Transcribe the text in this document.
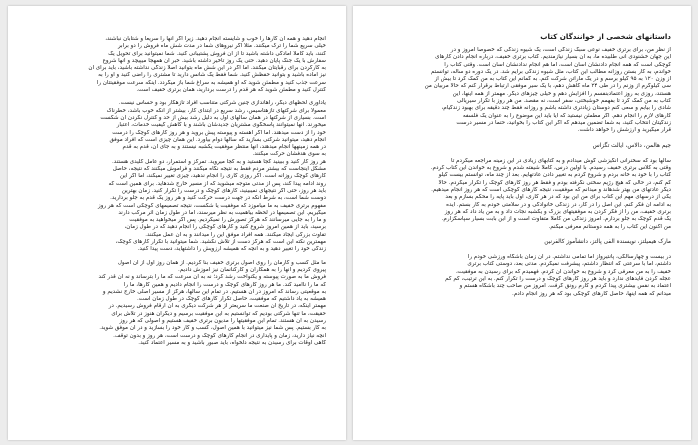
داستانهای شخصی از خوانندگان کتاب
از نظر من، برای برتری خفیف نوعی سبک زندگی است، یک شیوه زندگی که خصوصاً امروز و در
این جهان خشنودی آنی طلبیده ما، به آن بسیار نیازمندیم. کتاب برتری خفیف، درباره انجام دادن کارهای
کوچکی است که همه انجام دادنشان آسان است، اما هم انجام ندادنشان آسان است. وقتی کتاب را
خواندم، به کار بستن روزانه مطالب این کتاب، مثل شیوه زندگی برایم شد. در یک دوره دو ساله، توانستم
از وزن ۱۲۰ به ۹۵ کیلو برسم و در یک ماراتن شرکت کنم. به گمانم این کتاب به من کمک کرد تا بیش از
سی کیلوگرم از وزنم را در طی ۲۴ ماه کاهش دهم، با یک سیر موفقی ارتباط برقرار کنم که حالا مربیان من
هستند، روزی به روز اعتمادبنفسم را افزایش دهم و خیلی چیزهای دیگر. مهمتر از همه اینها، این
کتاب به من کمک کرد تا بفهمم خوشبختی، سفر است، نه مقصد. من هر روز با تکرار سیریالی
شادی را بیابم و سعی کنم دوستان زیادتری داشته باشم و روزانه فقط چند دقیقه برای بهبود زندگیام،
کارهای لازم را انجام دهم. اگر مطمئن نیستید که آیا باید این موضوع را به عنوان یک فلسفه
زندگیتان انتخاب کنید، به شما تضمین میدهم که اگر این کتاب را بخوانید، حتماً در مسیر درست
قرار میگیرید و ارزشش را خواهد داشت.
جیم هالمن، دالاس، ایالت تگزاس
سالها بود که سخنرانی انگیزشی گوش میدادم و به کتابهای زیادی در این زمینه مراجعه میکردم تا
وقتی به کلاس برتری خفیف رسیدم. با اولین درس، کاملاً شیفته شدم و شروع به خواندن این کتاب کردم.
کتاب را با خود به خانه بردم و شروع کردم به تغییر دادن عادتهایم. بعد از چند ماه، توانستم بیست کیلو
کم کنم، در حالی که هیچ رژیم سختی نگرفته بودم و فقط هر روز کارهای کوچک را تکرار میکردم. حالا
دیگر عادتهای من بهتر شدهاند و میدانم که موفقیت، نتیجه کارهای کوچکی است که هر روز انجام میدهیم.
یکی از درسهای مهم این کتاب برای من این بود که در هر کاری، اول باید پایه را محکم بسازم و بعد
به ادامه آن فکر کنم. این اصل را در کار، در زندگی خانوادگی و در سلامتی خودم به کار بستم. ایده
برتری خفیف، من را از فکر کردن به موفقیتهای بزرگ و یکشبه نجات داد و به من یاد داد که هر روز
یک قدم کوچک به جلو بردارم. امروز زندگی من کاملاً متفاوت است و از این بابت بسیار سپاسگزارم.
من اکنون این کتاب را به همه دوستانم معرفی میکنم.
مارک هیمیلتز، نویسنده الفی پالتز، دانشآموز کالفرنین
در بیست و چهارسالگی، پانتیرواز اما تمامی نداشتم. در آن زمان باشگاه ورزشی خودم را
داشتم، اما با سرعتی که انتظار داشتم، پیشرفت نمیکردم. مدتی بعد، دوستی کتاب برتری
خفیف را به من معرفی کرد و شروع به خواندن آن کردم. فهمیدم که برای رسیدن به موفقیت،
عجله کردن فایدهای ندارد و باید هر روز کارهای کوچک و درست را تکرار کنم. به این ترتیب، کم کم
اعتماد به نفس بیشتری پیدا کردم و کارم رونق گرفت. امروز من صاحب چند باشگاه هستم و
میدانم که همه اینها، حاصل کارهای کوچکی بود که هر روز انجام دادم.
انجام دهید و همه آن کارها را خوب و شایسته انجام دهید. زیرا اگر آنها را سریعاً و شتابان نباشند،
خیلی سریع شما را ترک میکنند. مثلاً اگر نیروهای شما در مدت شش ماه فروش را دو برابر
کنند، باید کاملاً آمادگی داشته باشید تا از آن فروش پشتیبانی کنید. شما نمیتوانید برای تحویل یک
سفارش با یک جنگ پایان دهید. حتی یک روز تأخیر داشته باشید. خبر آن همهجا میپیچد و آنها شروع
به کارکردن برای رقبایتان میکنند. اما اگر در این شش ماه بتوانید اصلاً زندگی نداشته باشید، باید برای آن
نیز آماده باشید و بتوانید حفظش کنید. شما فقط یک شانس دارید تا مشتری را راضی کنید و او را به
سرعت جذب کنید و مطمئن شوید که او همیشه به سراغ شما باز میگردد. اینکه سرعت موفقیتتان را
کنترل کنید و مطمئن شوید که هر قدم را درست بردارید، همان برتری خفیف است.
یادآوری لحظهای دیگر، راهاندازی چنین شرکتی متناسب افراد تازهکار بود و حساس نیست.
معمولاً برای شرکتهای تازهتأسیس، رشد سریع در ابتدای کار، بیشتر از آنکه خوب باشد، خطرناک
است. بسیاری از شرکتها در همان سالهای اول به دلیل رشد بیش از حد و کنترل نکردن آن شکست
میخورند. آنها نمیتوانند پاسخگوی مشتریان جدیدشان باشند و با کاهش کیفیت خدمات، اعتبار
خود را از دست میدهند. اما اگر آهسته و پیوسته پیش بروید و هر روز کارهای کوچک را درست
انجام دهید، میتوانید شرکتی بسازید که سالها دوام بیاورد. این همان چیزی است که افراد موفق
در همه زمینهها انجام میدهند، آنها منتظر موفقیت یکشبه نیستند و به جای آن، قدم به قدم
به سوی هدفشان حرکت میکنند.
هر روز کار کنید و ببینید کجا هستید و به کجا میروید. تمرکز و استمرار، دو عامل کلیدی هستند.
مشکل اینجاست که بیشتر مردم فقط به نتیجه نگاه میکنند و فراموش میکنند که نتیجه، حاصل
کارهای کوچک روزانه است. اگر روزی کاری را انجام ندهید، چیزی تغییر نمیکند، اما اگر این
روند ادامه پیدا کند، پس از مدتی متوجه میشوید که از مسیر خارج شدهاید. برای همین است که
باید هر روز، حتی اگر نتیجهای نمیبینید، کارهای کوچک و درست را تکرار کنید. زمان بهترین
دوست شما است، به شرط آنکه در جهت درست حرکت کنید و هر روز یک قدم به جلو بردارید.
مفهوم برتری خفیف به ما میآموزد که موفقیت یا شکست، نتیجه تصمیمهای کوچکی است که هر روز
میگیریم. این تصمیمها در لحظه بیاهمیت به نظر میرسند، اما در طول زمان اثر مرکب دارند
و ما را به جایی میرسانند که هرگز تصورش را نمیکردیم. پس اگر میخواهید به موفقیت
برسید، باید از همین امروز شروع کنید و کارهای کوچکی را انجام دهید که در طول زمان،
تفاوت بزرگی ایجاد میکنند. همه افراد موفق این را میدانند و به آن عمل میکنند.
مهمترین نکته این است که هرگز دست از تلاش نکشید. شما میتوانید با تکرار کارهای کوچک،
زندگی خود را تغییر دهید و به آنچه که همیشه آرزویش را داشتهاید، دست پیدا کنید.
ما مثل کسب و کارمان را روی اصول برتری خفیف بنا کردیم. از همان روز اول از آن اصول
پیروی کردیم و آنها را به همکاران و کارکنانمان نیز آموزش دادیم.
فروش ما به صورت پیوسته و یکنواخت رشد کرد؛ نه به آن سرعت که ما را بترساند و نه آن قدر کند
که ما را ناامید کند. ما هر روز کارهای کوچک و درست را انجام دادیم و همین کارها، ما را
به موقعیتی رساند که امروز در آن هستیم. در تمام این سالها، هرگز از مسیر اصلی خارج نشدیم و
همیشه به یاد داشتیم که موفقیت، حاصل تکرار کارهای کوچک در طول زمان است.
مهمتر اینکه، در تاریخ آن صنعت ما سریعتر از هر شرکت دیگری به آن ارقام فروش رسیدیم. در
حقیقت، ما تنها شرکتی بودیم که توانستیم به این موفقیت برسیم و دیگران هنوز در تلاش برای
رسیدن به آن هستند. تمام این موفقیتها را مدیون برتری خفیف هستیم و اصولی که هر روز
به کار بستیم. پس شما نیز میتوانید با همین اصول، کسب و کار خود را بسازید و در آن موفق شوید.
آنچه نیاز دارید، زمان و پایداری در انجام کارهای کوچک و درست است، هر روز و بدون توقف.
گاهی اوقات برای رسیدن به نتیجه دلخواه، باید صبور باشید و به مسیر اعتماد کنید.
